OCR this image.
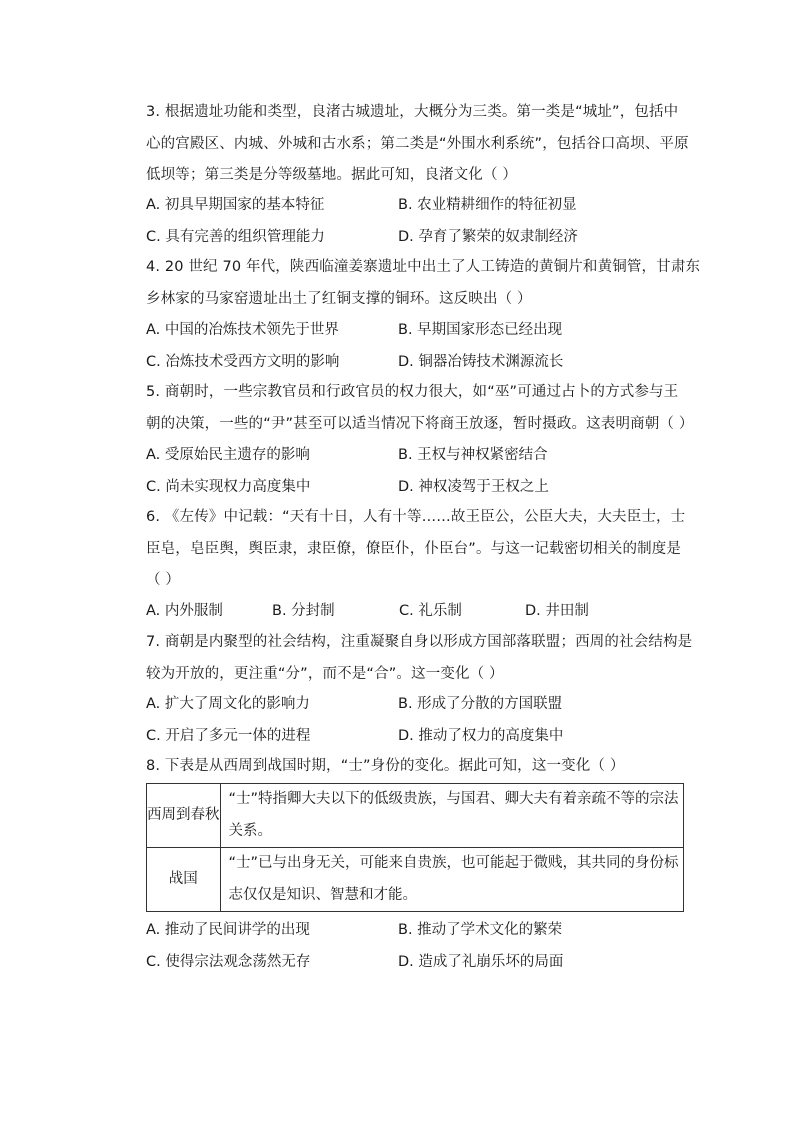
3. 根据遗址功能和类型，良渚古城遗址，大概分为三类。第一类是“城址”，包括中

心的宫殿区、内城、外城和古水系；第二类是“外围水利系统”，包括谷口高坝、平原

低坝等；第三类是分等级墓地。据此可知，良渚文化（ ）

A. 初具早期国家的基本特征	B. 农业精耕细作的特征初显
C. 具有完善的组织管理能力	D. 孕育了繁荣的奴隶制经济

4. 20 世纪 70 年代，陕西临潼姜寨遗址中出土了人工铸造的黄铜片和黄铜管，甘肃东

乡林家的马家窑遗址出土了红铜支撑的铜环。这反映出（ ）

A. 中国的冶炼技术领先于世界	B. 早期国家形态已经出现
C. 冶炼技术受西方文明的影响	D. 铜器冶铸技术渊源流长

5. 商朝时，一些宗教官员和行政官员的权力很大，如“巫”可通过占卜的方式参与王

朝的决策，一些的“尹”甚至可以适当情况下将商王放逐，暂时摄政。这表明商朝（ ）

A. 受原始民主遗存的影响	B. 王权与神权紧密结合
C. 尚未实现权力高度集中	D. 神权凌驾于王权之上

6. 《左传》中记载：“天有十日，人有十等……故王臣公，公臣大夫，大夫臣士，士

臣皂，皂臣舆，舆臣隶，隶臣僚，僚臣仆，仆臣台”。与这一记载密切相关的制度是

（ ）

A. 内外服制	B. 分封制	C. 礼乐制	D. 井田制

7. 商朝是内聚型的社会结构，注重凝聚自身以形成方国部落联盟；西周的社会结构是

较为开放的，更注重“分”，而不是“合”。这一变化（ ）

A. 扩大了周文化的影响力	B. 形成了分散的方国联盟
C. 开启了多元一体的进程	D. 推动了权力的高度集中

8. 下表是从西周到战国时期，“士”身份的变化。据此可知，这一变化（ ）

西周到春秋	“士”特指卿大夫以下的低级贵族，与国君、卿大夫有着亲疏不等的宗法

关系。

战国	“士”已与出身无关，可能来自贵族，也可能起于微贱，其共同的身份标

志仅仅是知识、智慧和才能。

A. 推动了民间讲学的出现	B. 推动了学术文化的繁荣
C. 使得宗法观念荡然无存	D. 造成了礼崩乐坏的局面
